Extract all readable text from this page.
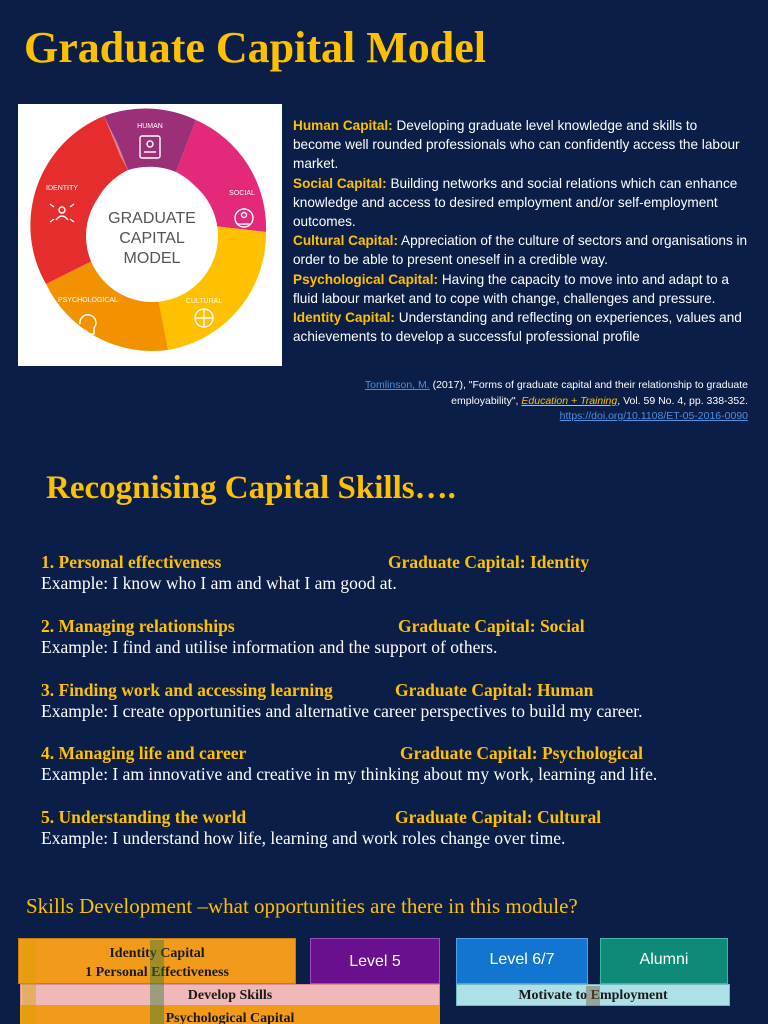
Graduate Capital Model
GRADUATE
CAPITAL
MODEL
HUMAN
SOCIAL
CULTURAL
PSYCHOLOGICAL
IDENTITY
Human Capital: Developing graduate level knowledge and skills to become well rounded professionals who can confidently access the labour market.
Social Capital: Building networks and social relations which can enhance knowledge and access to desired employment and/or self-employment outcomes.
Cultural Capital: Appreciation of the culture of sectors and organisations in order to be able to present oneself in a credible way.
Psychological Capital: Having the capacity to move into and adapt to a fluid labour market and to cope with change, challenges and pressure.
Identity Capital: Understanding and reflecting on experiences, values and achievements to develop a successful professional profile
Tomlinson, M. (2017), "Forms of graduate capital and their relationship to graduate employability", Education + Training, Vol. 59 No. 4, pp. 338-352.
https://doi.org/10.1108/ET-05-2016-0090
Recognising Capital Skills….
1. Personal effectiveness	Graduate Capital: Identity
Example: I know who I am and what I am good at.
2. Managing relationships	Graduate Capital: Social
Example: I find and utilise information and the support of others.
3. Finding work and accessing learning	Graduate Capital: Human
Example: I create opportunities and alternative career perspectives to build my career.
4. Managing life and career	Graduate Capital: Psychological
Example: I am innovative and creative in my thinking about my work, learning and life.
5. Understanding the world	Graduate Capital: Cultural
Example: I understand how life, learning and work roles change over time.
Skills Development –what opportunities are there in this module?
Identity Capital
1 Personal Effectiveness
Level 5	Level 6/7	Alumni
Develop Skills	Motivate to Employment
Psychological Capital
